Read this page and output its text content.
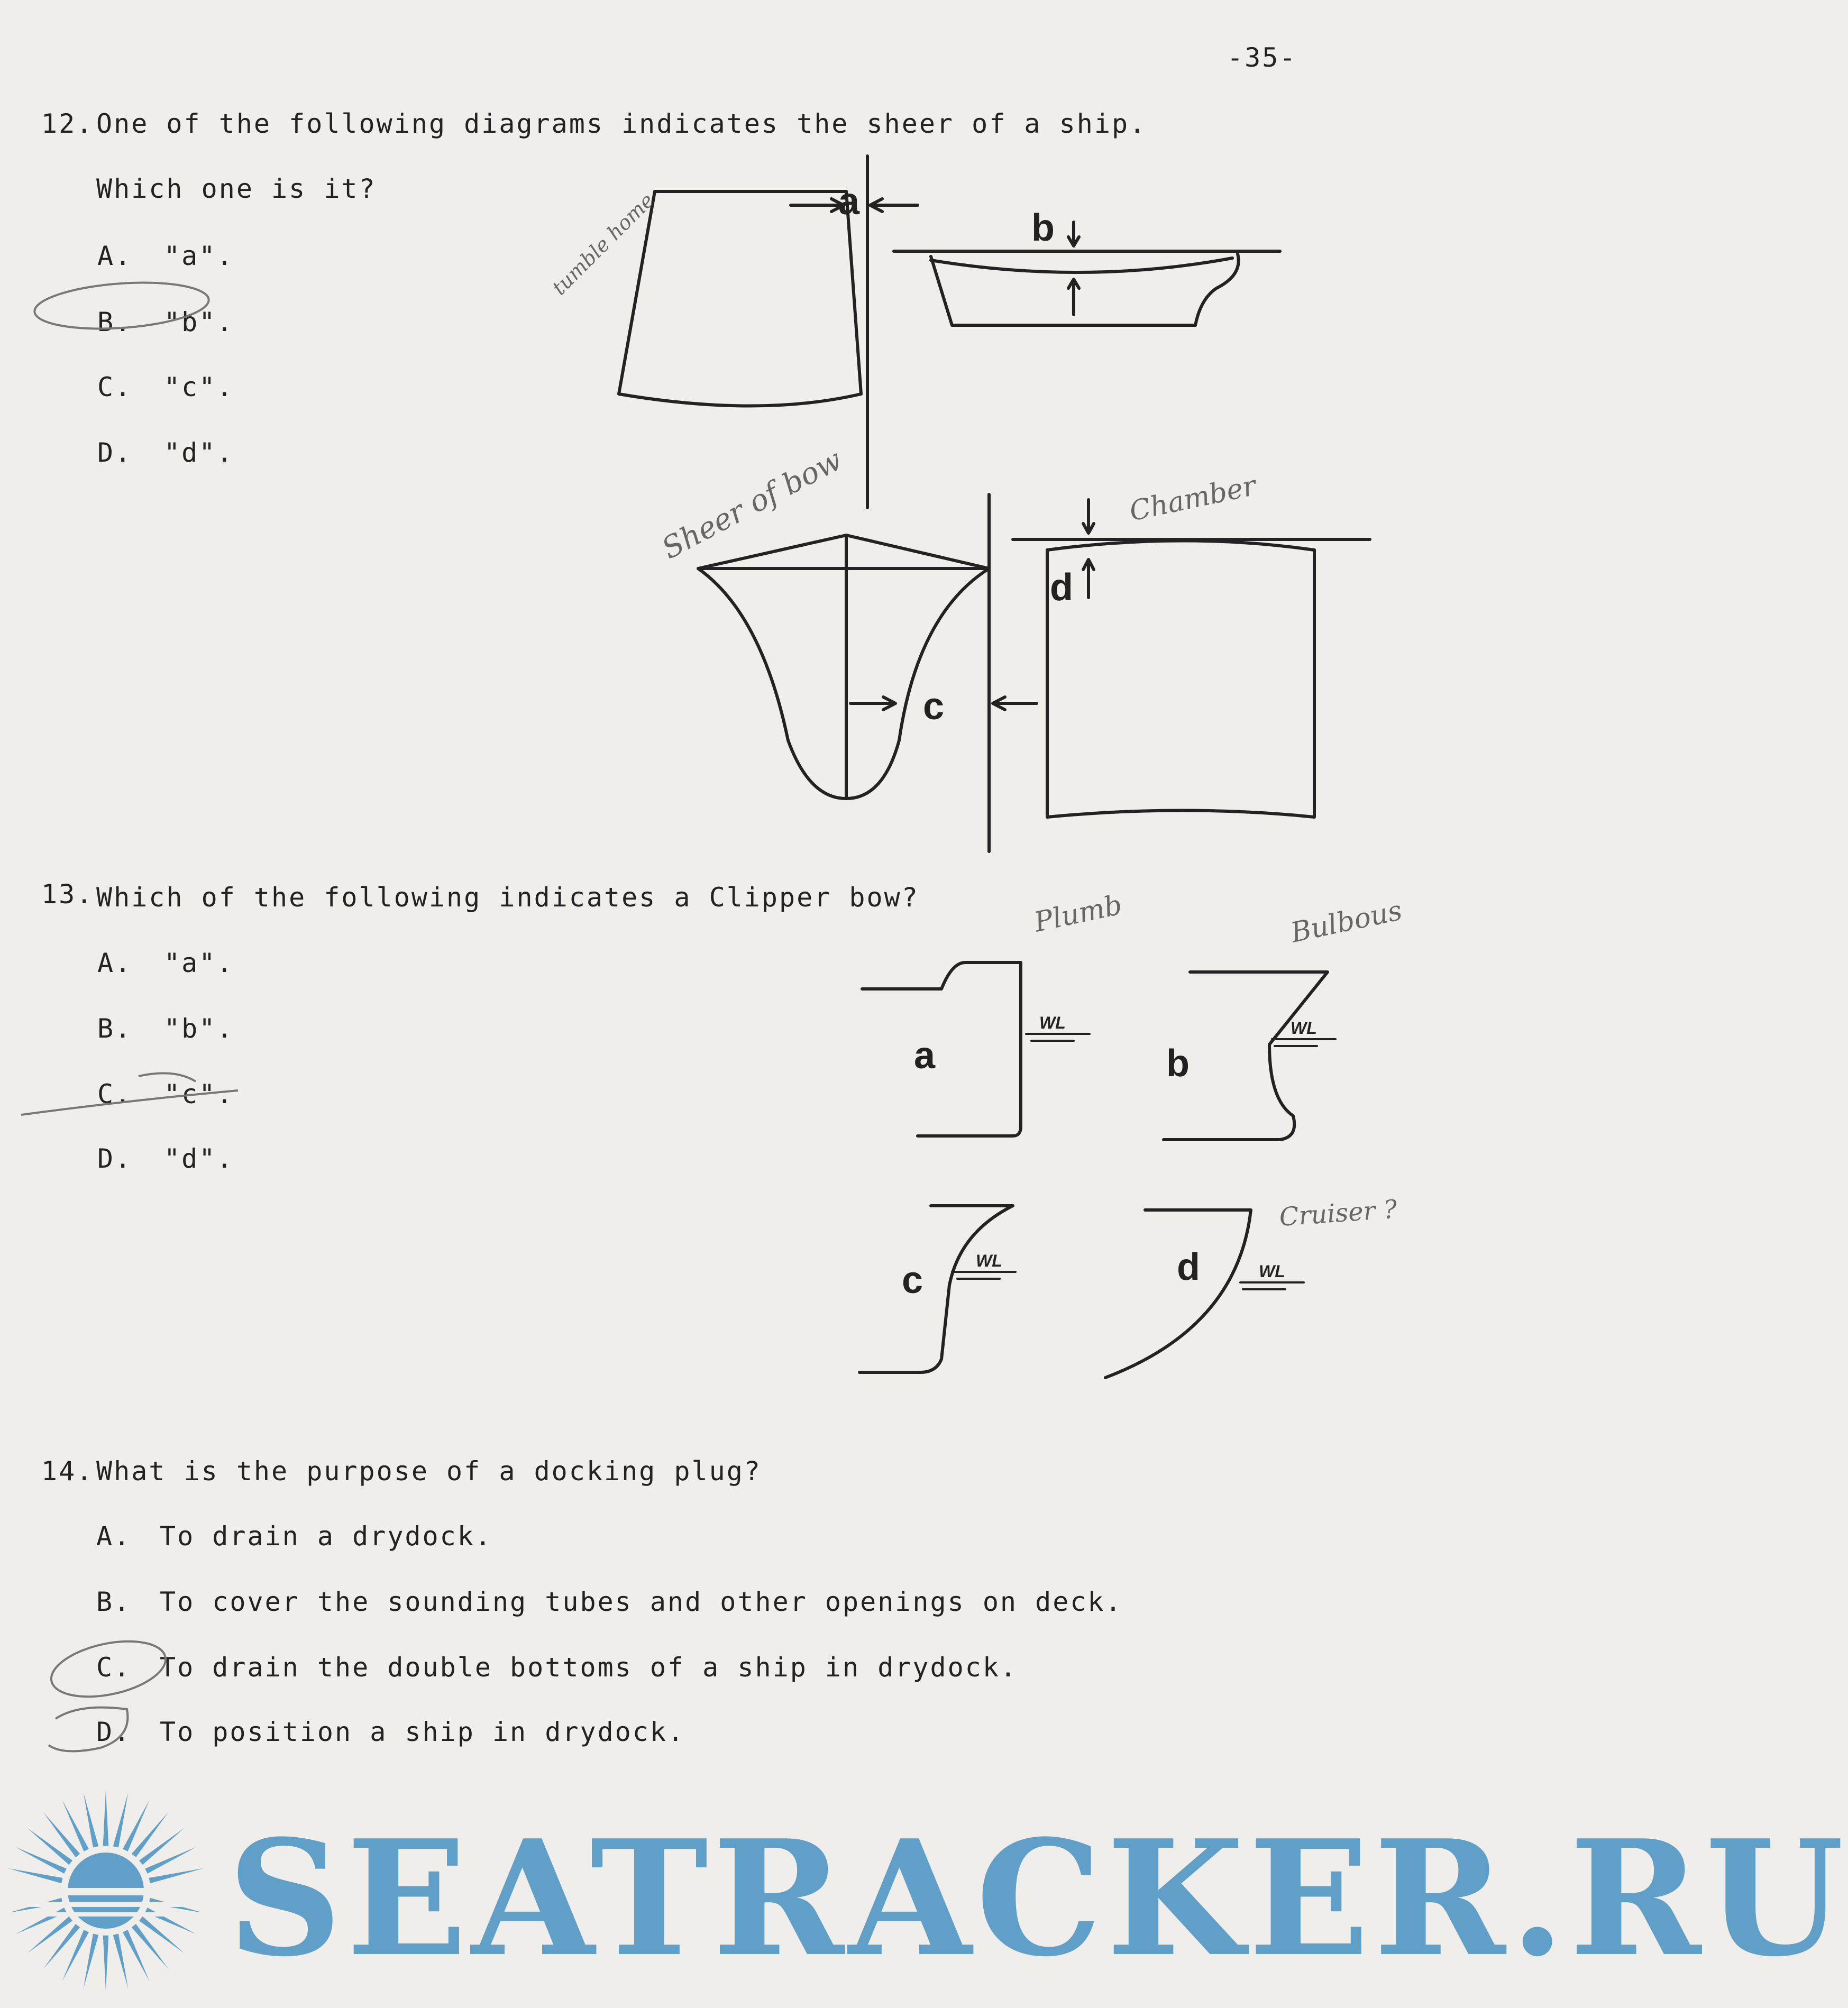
-35-
12. One of the following diagrams indicates the sheer of a ship.
Which one is it?
A. "a".
B. "b".
C. "c".
D. "d".
13. Which of the following indicates a Clipper bow?
A. "a".
B. "b".
C. "c".
D. "d".
14. What is the purpose of a docking plug?
A. To drain a drydock.
B. To cover the sounding tubes and other openings on deck.
C. To drain the double bottoms of a ship in drydock.
D. To position a ship in drydock.
a
b
c
d
a	b
c	d
WL	WL
WL
WL
Sheer of bow	Chamber
Plumb	Bulbous
Cruiser ?
tumble home
SEATRACKER.RU
